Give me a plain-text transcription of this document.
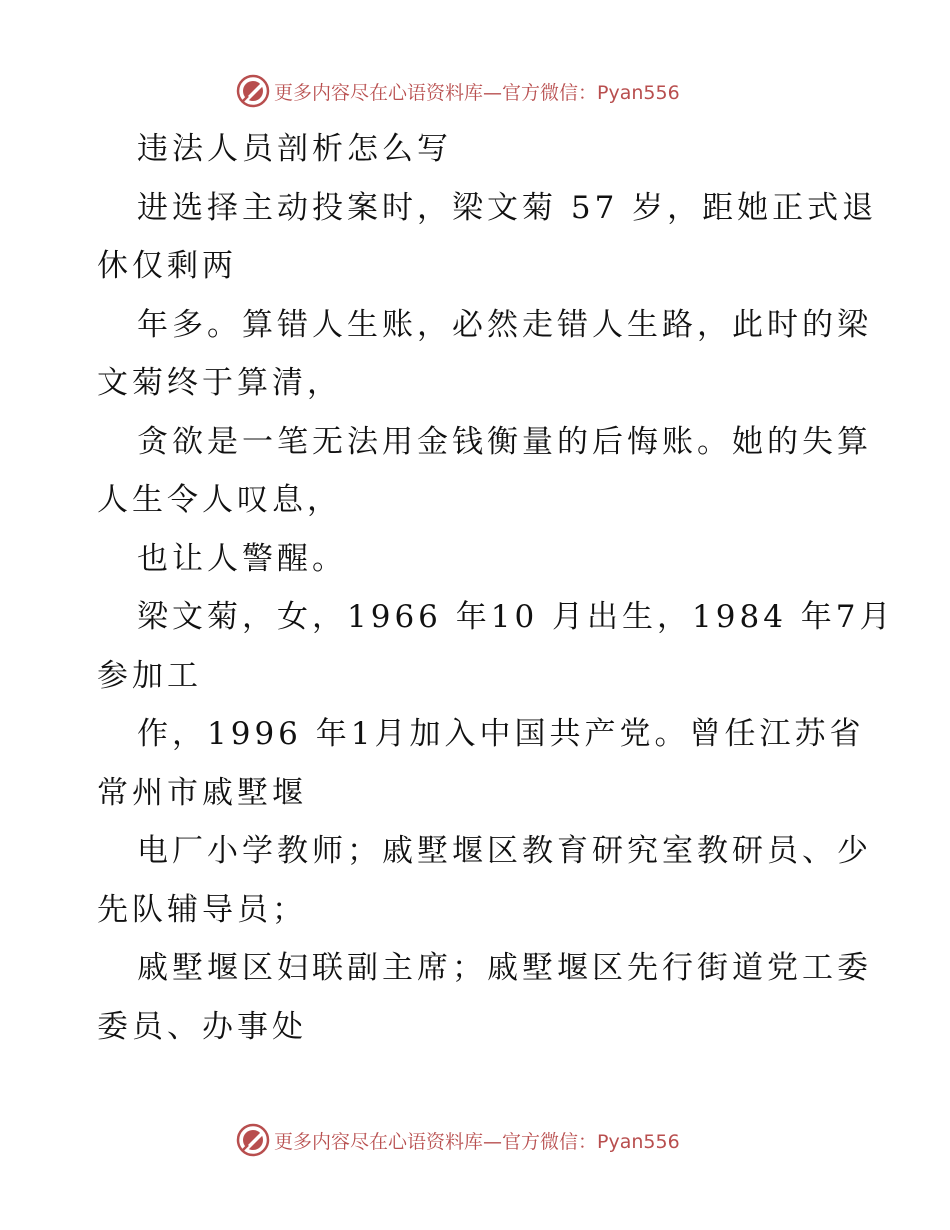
更多内容尽在心语资料库—官方微信：Pyan556
违法人员剖析怎么写
进选择主动投案时，梁文菊 57 岁，距她正式退
休仅剩两
年多。算错人生账，必然走错人生路，此时的梁
文菊终于算清，
贪欲是一笔无法用金钱衡量的后悔账。她的失算
人生令人叹息，
也让人警醒。
梁文菊，女，1966 年10 月出生，1984 年7月
参加工
作，1996 年1月加入中国共产党。曾任江苏省
常州市戚墅堰
电厂小学教师；戚墅堰区教育研究室教研员、少
先队辅导员；
戚墅堰区妇联副主席；戚墅堰区先行街道党工委
委员、办事处
更多内容尽在心语资料库—官方微信：Pyan556
